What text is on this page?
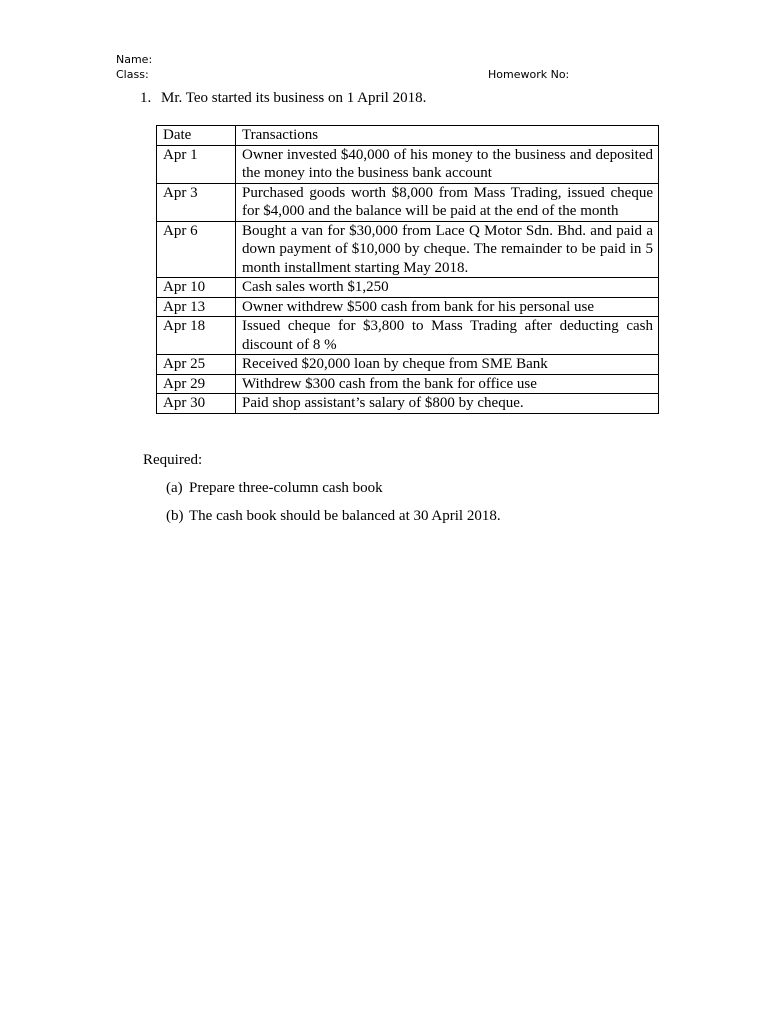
Name:
Class:	Homework No:
1. Mr. Teo started its business on 1 April 2018.
Date	Transactions
Apr 1	Owner invested $40,000 of his money to the business and deposited the money into the business bank account
Apr 3	Purchased goods worth $8,000 from Mass Trading, issued cheque for $4,000 and the balance will be paid at the end of the month
Apr 6	Bought a van for $30,000 from Lace Q Motor Sdn. Bhd. and paid a down payment of $10,000 by cheque. The remainder to be paid in 5 month installment starting May 2018.
Apr 10	Cash sales worth $1,250
Apr 13	Owner withdrew $500 cash from bank for his personal use
Apr 18	Issued cheque for $3,800 to Mass Trading after deducting cash discount of 8 %
Apr 25	Received $20,000 loan by cheque from SME Bank
Apr 29	Withdrew $300 cash from the bank for office use
Apr 30	Paid shop assistant’s salary of $800 by cheque.
Required:
(a) Prepare three-column cash book
(b) The cash book should be balanced at 30 April 2018.
